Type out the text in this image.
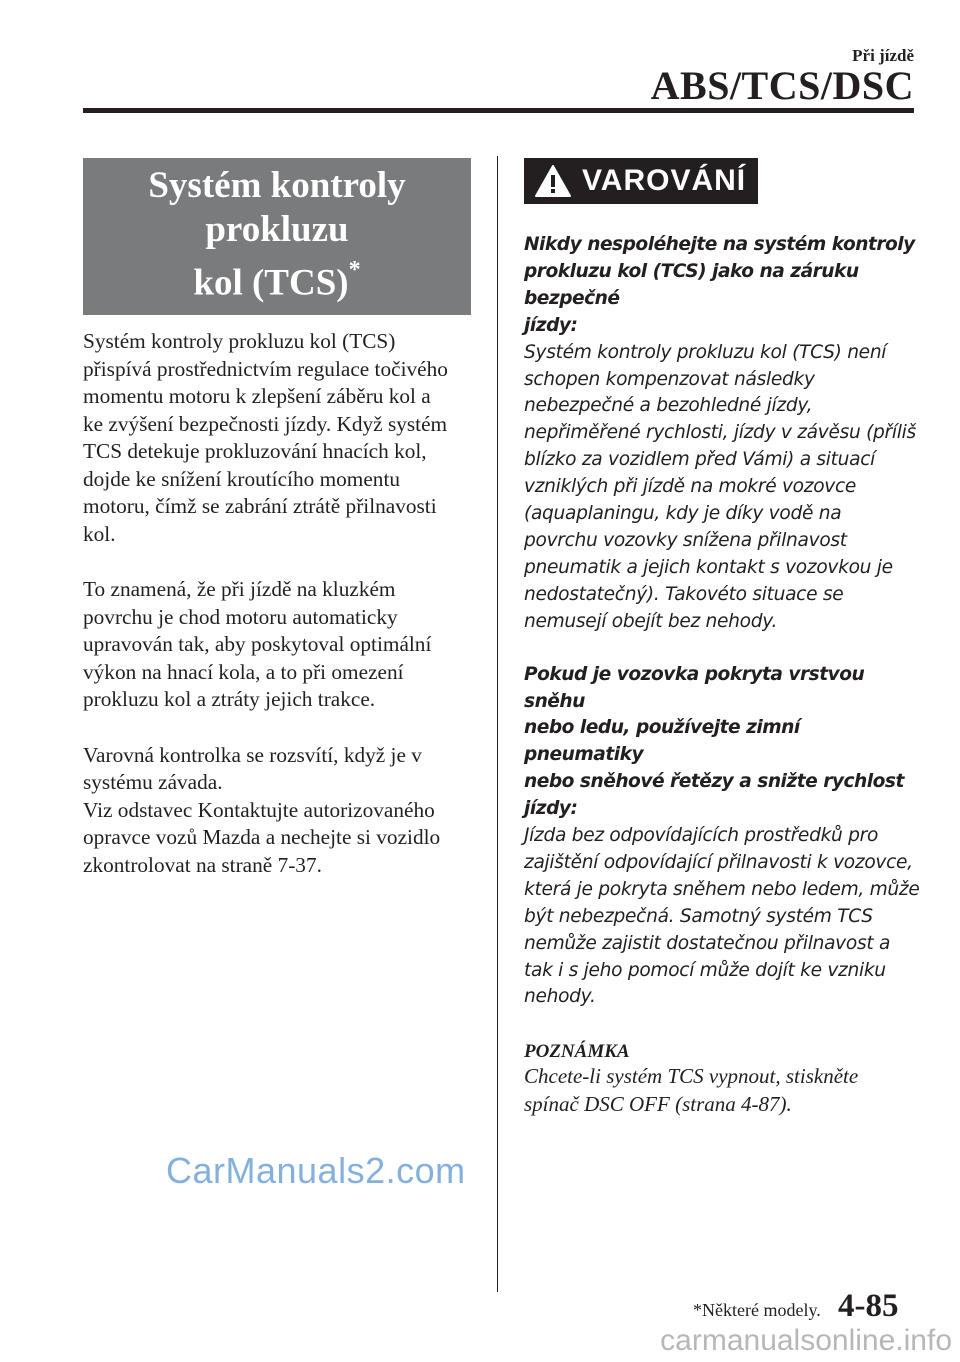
Při jízdě
ABS/TCS/DSC
Systém kontroly prokluzu
kol (TCS)*

Systém kontroly prokluzu kol (TCS)

přispívá prostřednictvím regulace točivého

momentu motoru k zlepšení záběru kol a

ke zvýšení bezpečnosti jízdy. Když systém

TCS detekuje prokluzování hnacích kol,

dojde ke snížení kroutícího momentu

motoru, čímž se zabrání ztrátě přilnavosti

kol.

To znamená, že při jízdě na kluzkém

povrchu je chod motoru automaticky

upravován tak, aby poskytoval optimální

výkon na hnací kola, a to při omezení

prokluzu kol a ztráty jejich trakce.

Varovná kontrolka se rozsvítí, když je v

systému závada.

Viz odstavec Kontaktujte autorizovaného

opravce vozů Mazda a nechejte si vozidlo

zkontrolovat na straně 7-37.

VAROVÁNÍ

Nikdy nespoléhejte na systém kontroly

prokluzu kol (TCS) jako na záruku bezpečné

jízdy:

Systém kontroly prokluzu kol (TCS) není

schopen kompenzovat následky

nebezpečné a bezohledné jízdy,

nepřiměřené rychlosti, jízdy v závěsu (příliš

blízko za vozidlem před Vámi) a situací

vzniklých při jízdě na mokré vozovce

(aquaplaningu, kdy je díky vodě na

povrchu vozovky snížena přilnavost

pneumatik a jejich kontakt s vozovkou je

nedostatečný). Takovéto situace se

nemusejí obejít bez nehody.

Pokud je vozovka pokryta vrstvou sněhu

nebo ledu, používejte zimní pneumatiky

nebo sněhové řetězy a snižte rychlost jízdy:

Jízda bez odpovídajících prostředků pro

zajištění odpovídající přilnavosti k vozovce,

která je pokryta sněhem nebo ledem, může

být nebezpečná. Samotný systém TCS

nemůže zajistit dostatečnou přilnavost a

tak i s jeho pomocí může dojít ke vzniku

nehody.

POZNÁMKA

Chcete-li systém TCS vypnout, stiskněte

spínač DSC OFF (strana 4-87).

CarManuals2.com
*Některé modely. 4-85
carmanualsonline.info
